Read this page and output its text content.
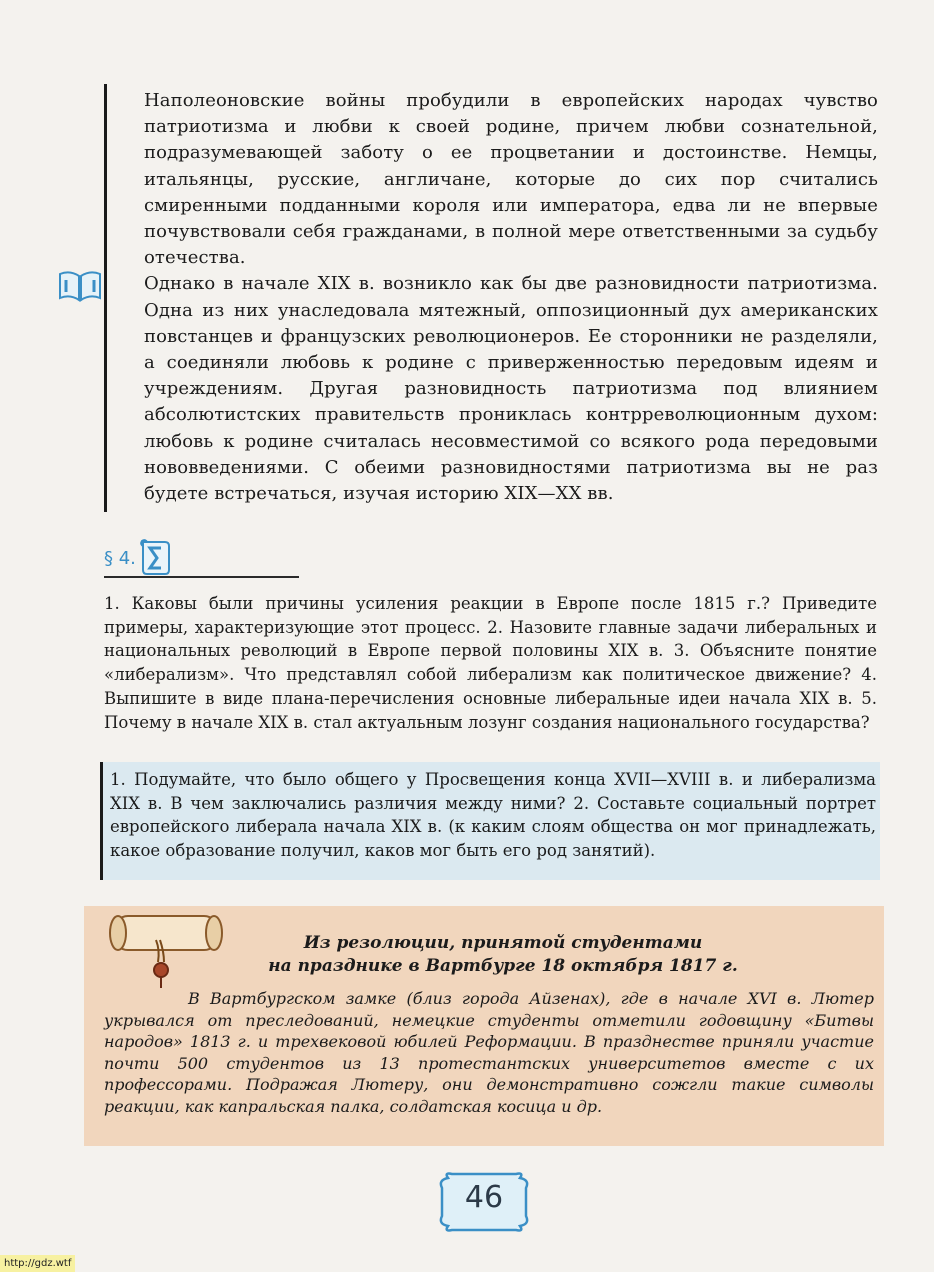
Наполеоновские войны пробудили в европейских народах чувство патриотизма и любви к своей родине, причем любви сознательной, подразумевающей заботу о ее процветании и достоинстве. Немцы, итальянцы, русские, англичане, которые до сих пор считались смиренными подданными короля или императора, едва ли не впервые почувствовали себя гражданами, в полной мере ответственными за судьбу отечества.

Однако в начале XIX в. возникло как бы две разновидности патриотизма. Одна из них унаследовала мятежный, оппозиционный дух американских повстанцев и французских революционеров. Ее сторонники не разделяли, а соединяли любовь к родине с приверженностью передовым идеям и учреждениям. Другая разновидность патриотизма под влиянием абсолютистских правительств прониклась контрреволюционным духом: любовь к родине считалась несовместимой со всякого рода передовыми нововведениями. С обеими разновидностями патриотизма вы не раз будете встречаться, изучая историю XIX—XX вв.

§ 4.
1. Каковы были причины усиления реакции в Европе после 1815 г.? Приведите примеры, характеризующие этот процесс. 2. Назовите главные задачи либеральных и национальных революций в Европе первой половины XIX в. 3. Объясните понятие «либерализм». Что представлял собой либерализм как политическое движение? 4. Выпишите в виде плана-перечисления основные либеральные идеи начала XIX в. 5. Почему в начале XIX в. стал актуальным лозунг создания национального государства?
1. Подумайте, что было общего у Просвещения конца XVII—XVIII в. и либерализма XIX в. В чем заключались различия между ними? 2. Составьте социальный портрет европейского либерала начала XIX в. (к каким слоям общества он мог принадлежать, какое образование получил, каков мог быть его род занятий).
Из резолюции, принятой студентами
на празднике в Вартбурге 18 октября 1817 г.
В Вартбургском замке (близ города Айзенах), где в начале XVI в. Лютер укрывался от преследований, немецкие студенты отметили годовщину «Битвы народов» 1813 г. и трехвековой юбилей Реформации. В празднестве приняли участие почти 500 студентов из 13 протестантских университетов вместе с их профессорами. Подражая Лютеру, они демонстративно сожгли такие символы реакции, как капральская палка, солдатская косица и др.
46
http://gdz.wtf
